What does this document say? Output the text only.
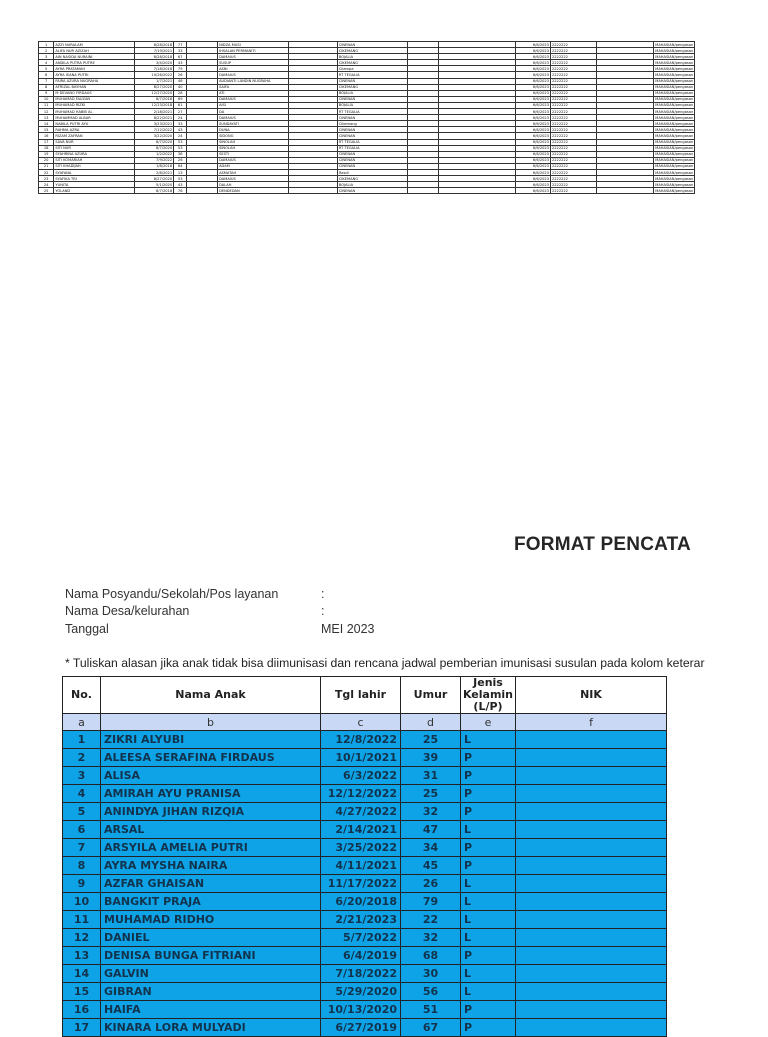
1	AZZI NURALAM	8/28/2018	77		NIDZA MUSI		CINENAN			6/6/2023	2222222		MAHASIAN/pengasan
2	ALIFA NUR AZIZAH	7/19/2021	33		IHSALAN PERMANITI		CIKEMANG			6/6/2023	2222222		MAHASIAN/pengasan
3	AIN NASIDA NURAINI	8/28/2018	67		DAMAIUS		BOJALIA			6/6/2023	2222222		MAHASIAN/pengasan
4	ANDILA PUTRA PUTRE	3/4/2020	43		SUSUP		CIKEMANG			6/6/2023	2222222		MAHASIAN/pengasan
5	AYRA PRATAMAH	7/18/2018	79		ASNI		Cilampa			6/6/2023	2222222		MAHASIAN/pengasan
6	AYRA ISANA PUTRI	10/26/2022	26		DAMAIUS		RT TEGALIA			6/6/2023	2222222		MAHASIAN/pengasan
7	FAIRA AZURA NUGRAHA	1/7/2021	46		AUDIANTI LANDIN NUGRAHA		CINENAN			6/6/2023	2222222		MAHASIAN/pengasan
8	AFRIZAL BAYHAN	8/27/2020	40		SAIFA		CIKEMANG			6/6/2023	2222222		MAHASIAN/pengasan
9	M DEVANO FIRDAUS	12/27/2020	28		ATI		BOJALIA			6/6/2023	2222222		MAHASIAN/pengasan
10	MUHAMAD FAUZAN	8/7/2018	69		DAMAIUS		CINENAN			6/6/2023	2222222		MAHASIAN/pengasan
11	MUHAMAD RIZKI	12/23/2018	61		AISI		BOJALIA			6/6/2023	2222222		MAHASIAN/pengasan
12	MUHAMAD HABIB AL	2/18/2021	27		DA		RT TEGALIA			6/6/2023	2222222		MAHASIAN/pengasan
13	MUHAMMAD ALBAR	8/22/2021	24		DAMAIUS		CINENAN			6/6/2023	2222222		MAHASIAN/pengasan
14	NABILA PUTRI AYU	3/23/2021	33		SUNDAYATI		Cikemang			6/6/2023	2222222		MAHASIAN/pengasan
15	RAHMA AZRA	7/12/2022	43		DUNA		CINENAN			6/6/2023	2222222		MAHASIAN/pengasan
16	RIZAM ZAFRAN	3/22/2020	24		SIDONG		CINENAN			6/6/2023	2222222		MAHASIAN/pengasan
17	SAVA NUR	8/7/2020	53		SINOLAH		RT TEGALIA			6/6/2023	2222222		MAHASIAN/pengasan
18	SITI NUR	8/7/2020	53		SINOLAH		RT TEGALIA			6/6/2023	2222222		MAHASIAN/pengasan
19	SYAHRINA AZURA	1/2/2022	38		SESTI		CINENAN			6/6/2023	2222222		MAHASIAN/pengasan
20	SITI KOMARIAH	7/9/2022	26		DAMAIUS		CINENAN			6/6/2023	2222222		MAHASIAN/pengasan
21	SITI KHADIJAH	1/8/2018	64		ADAM		CINENAN			6/6/2023	2222222		MAHASIAN/pengasan
22	SYAFANA	2/8/2021	13		ASMATAH		Rasdi			6/6/2023	2222222		MAHASIAN/pengasan
23	SYAFIKA TRI	8/27/2020	53		DAMAIUS		CIKEMANG			6/6/2023	2222222		MAHASIAN/pengasan
24	YUNITA	5/1/2020	43		DALAH		BOJALIA			6/6/2023	2222222		MAHASIAN/pengasan
25	YOLAND	8/7/2018	76		DENDEDAN		CINENAN			6/6/2023	2222222		MAHASIAN/pengasan
FORMAT PENCATA
Nama Posyandu/Sekolah/Pos layanan	:
Nama Desa/kelurahan	:
Tanggal	MEI 2023
* Tuliskan alasan jika anak tidak bisa diimunisasi dan rencana jadwal pemberian imunisasi susulan pada kolom keterar
No.	Nama Anak	Tgl lahir	Umur	Jenis Kelamin (L/P)	NIK
a	b	c	d	e	f
1	ZIKRI ALYUBI	12/8/2022	25	L	
2	ALEESA SERAFINA FIRDAUS	10/1/2021	39	P	
3	ALISA	6/3/2022	31	P	
4	AMIRAH AYU PRANISA	12/12/2022	25	P	
5	ANINDYA JIHAN RIZQIA	4/27/2022	32	P	
6	ARSAL	2/14/2021	47	L	
7	ARSYILA AMELIA PUTRI	3/25/2022	34	P	
8	AYRA MYSHA NAIRA	4/11/2021	45	P	
9	AZFAR GHAISAN	11/17/2022	26	L	
10	BANGKIT PRAJA	6/20/2018	79	L	
11	MUHAMAD RIDHO	2/21/2023	22	L	
12	DANIEL	5/7/2022	32	L	
13	DENISA BUNGA FITRIANI	6/4/2019	68	P	
14	GALVIN	7/18/2022	30	L	
15	GIBRAN	5/29/2020	56	L	
16	HAIFA	10/13/2020	51	P	
17	KINARA LORA MULYADI	6/27/2019	67	P	
